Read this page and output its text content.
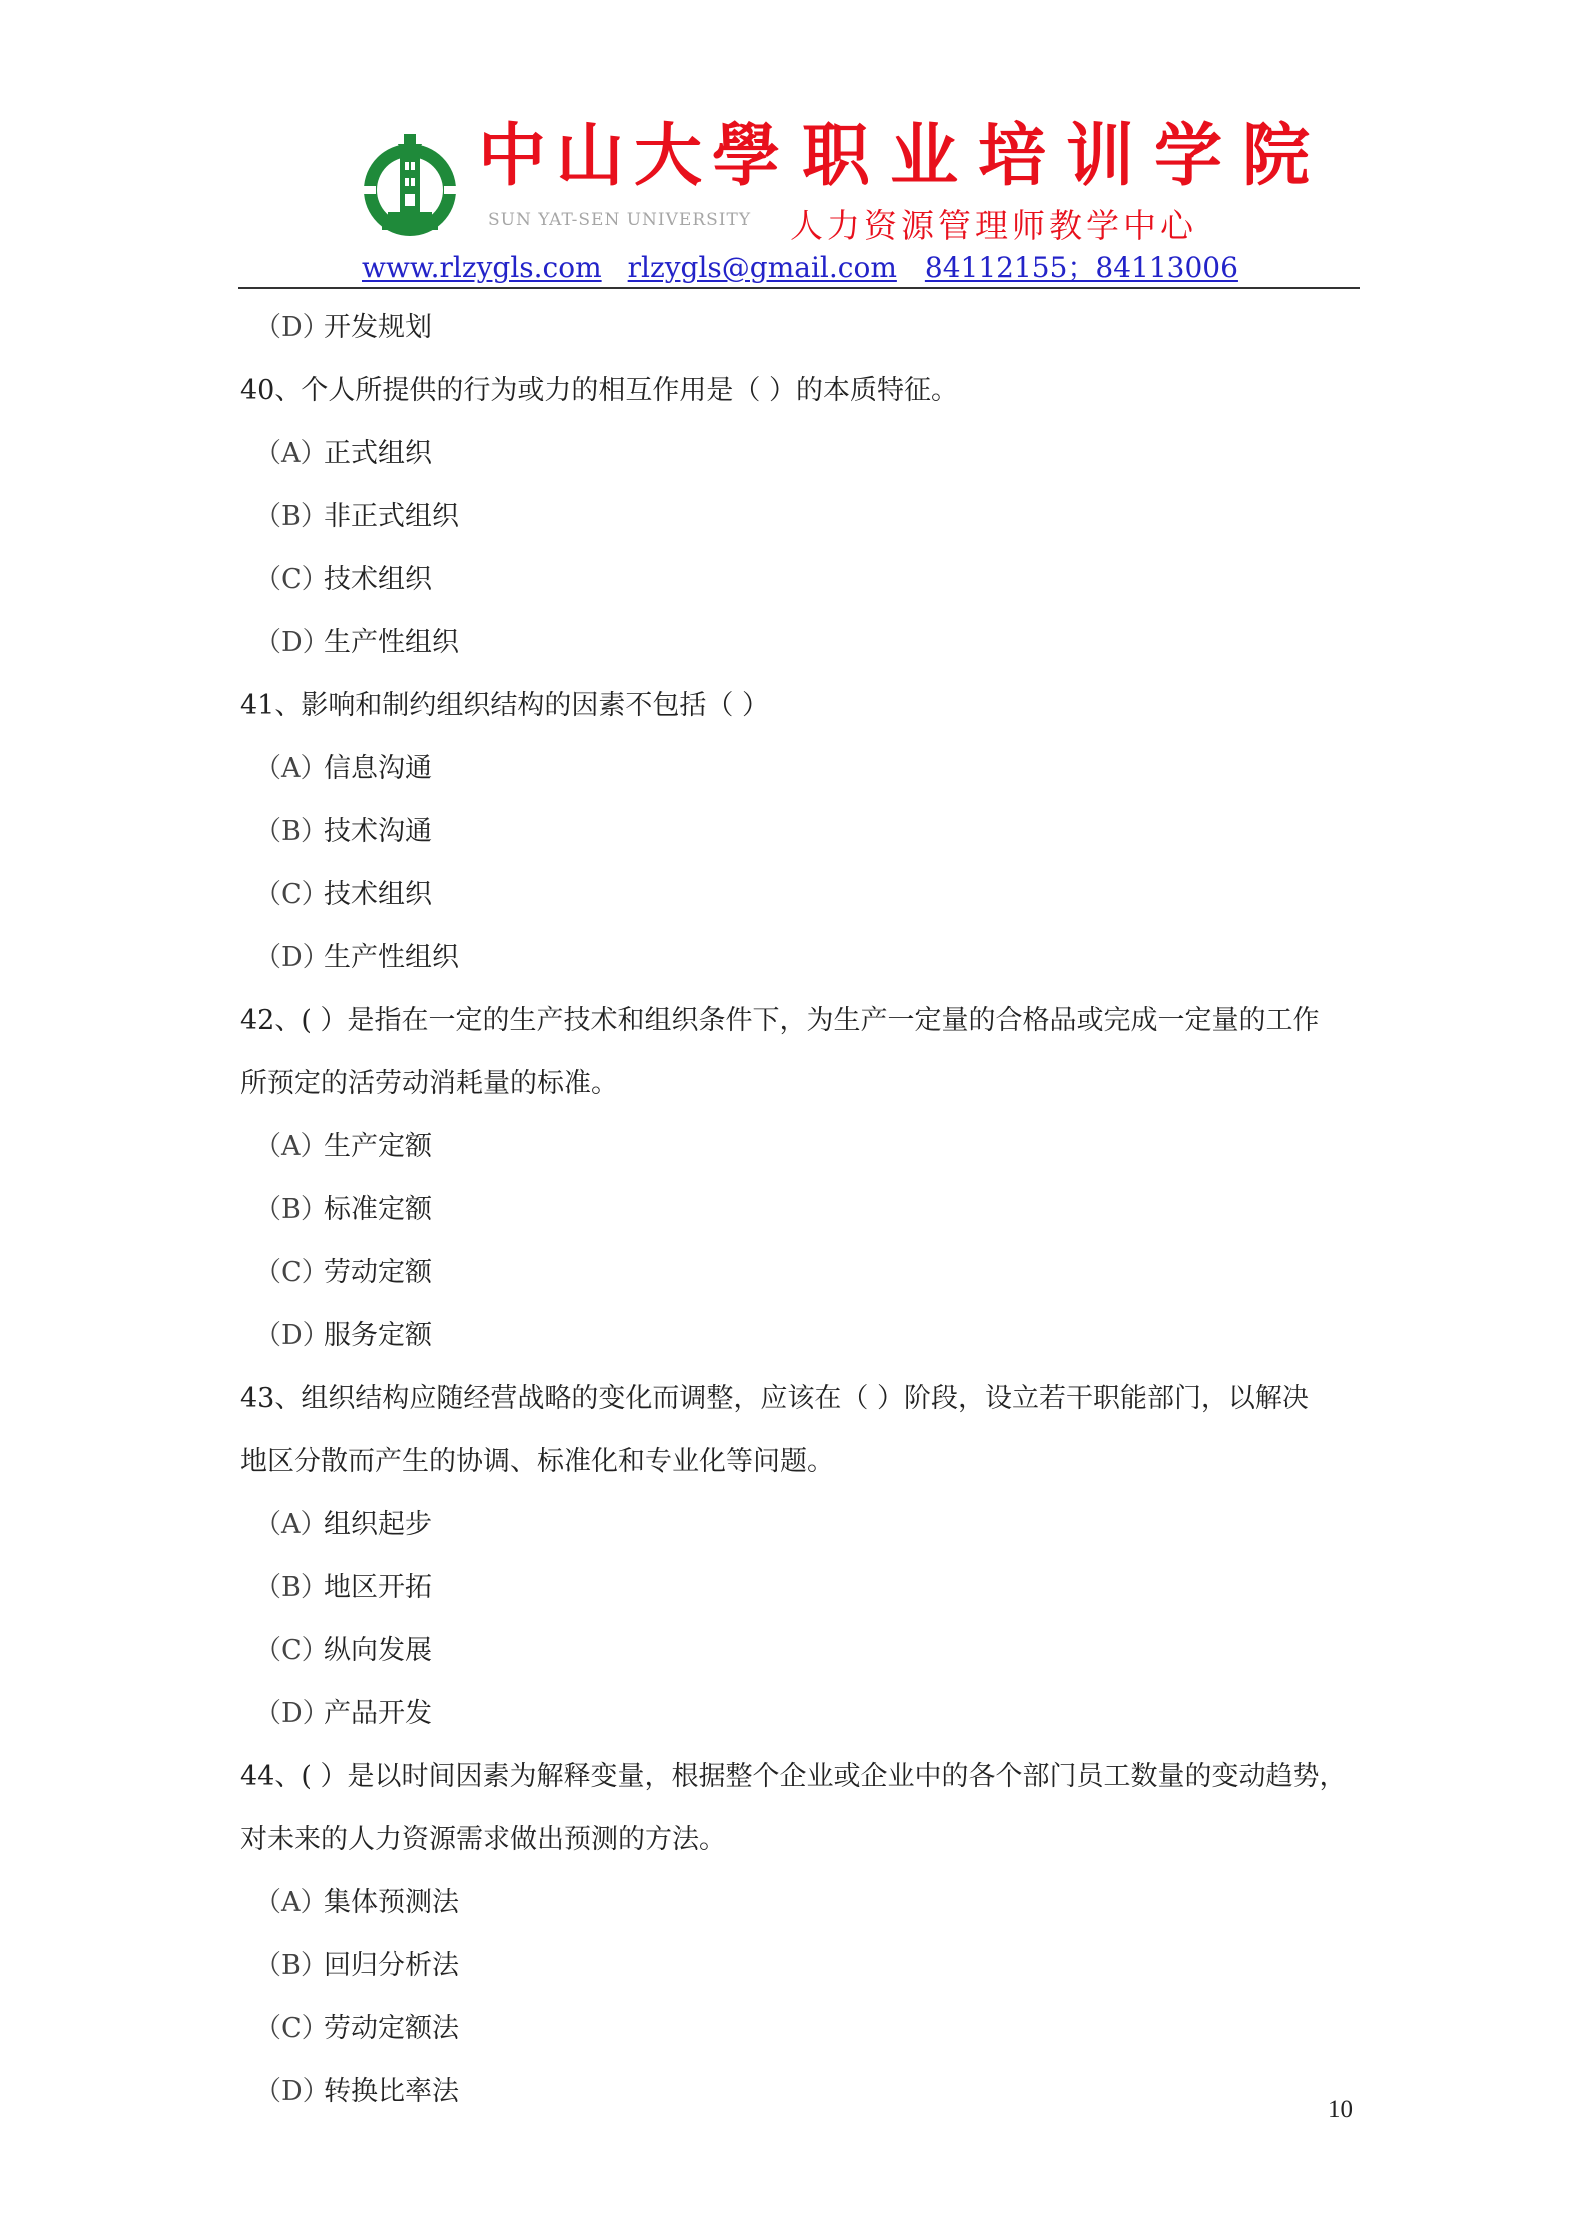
中山大學 职业培训学院
SUN YAT-SEN UNIVERSITY 人力资源管理师教学中心
www.rlzygls.com rlzygls@gmail.com 84112155；84113006
（D）开发规划
40、个人所提供的行为或力的相互作用是（ ）的本质特征。
（A）正式组织
（B）非正式组织
（C）技术组织
（D）生产性组织
41、影响和制约组织结构的因素不包括（ ）
（A）信息沟通
（B）技术沟通
（C）技术组织
（D）生产性组织
42、( ）是指在一定的生产技术和组织条件下，为生产一定量的合格品或完成一定量的工作
所预定的活劳动消耗量的标准。
（A）生产定额
（B）标准定额
（C）劳动定额
（D）服务定额
43、组织结构应随经营战略的变化而调整，应该在（ ）阶段，设立若干职能部门，以解决
地区分散而产生的协调、标准化和专业化等问题。
（A）组织起步
（B）地区开拓
（C）纵向发展
（D）产品开发
44、( ）是以时间因素为解释变量，根据整个企业或企业中的各个部门员工数量的变动趋势，
对未来的人力资源需求做出预测的方法。
（A）集体预测法
（B）回归分析法
（C）劳动定额法
（D）转换比率法
10
